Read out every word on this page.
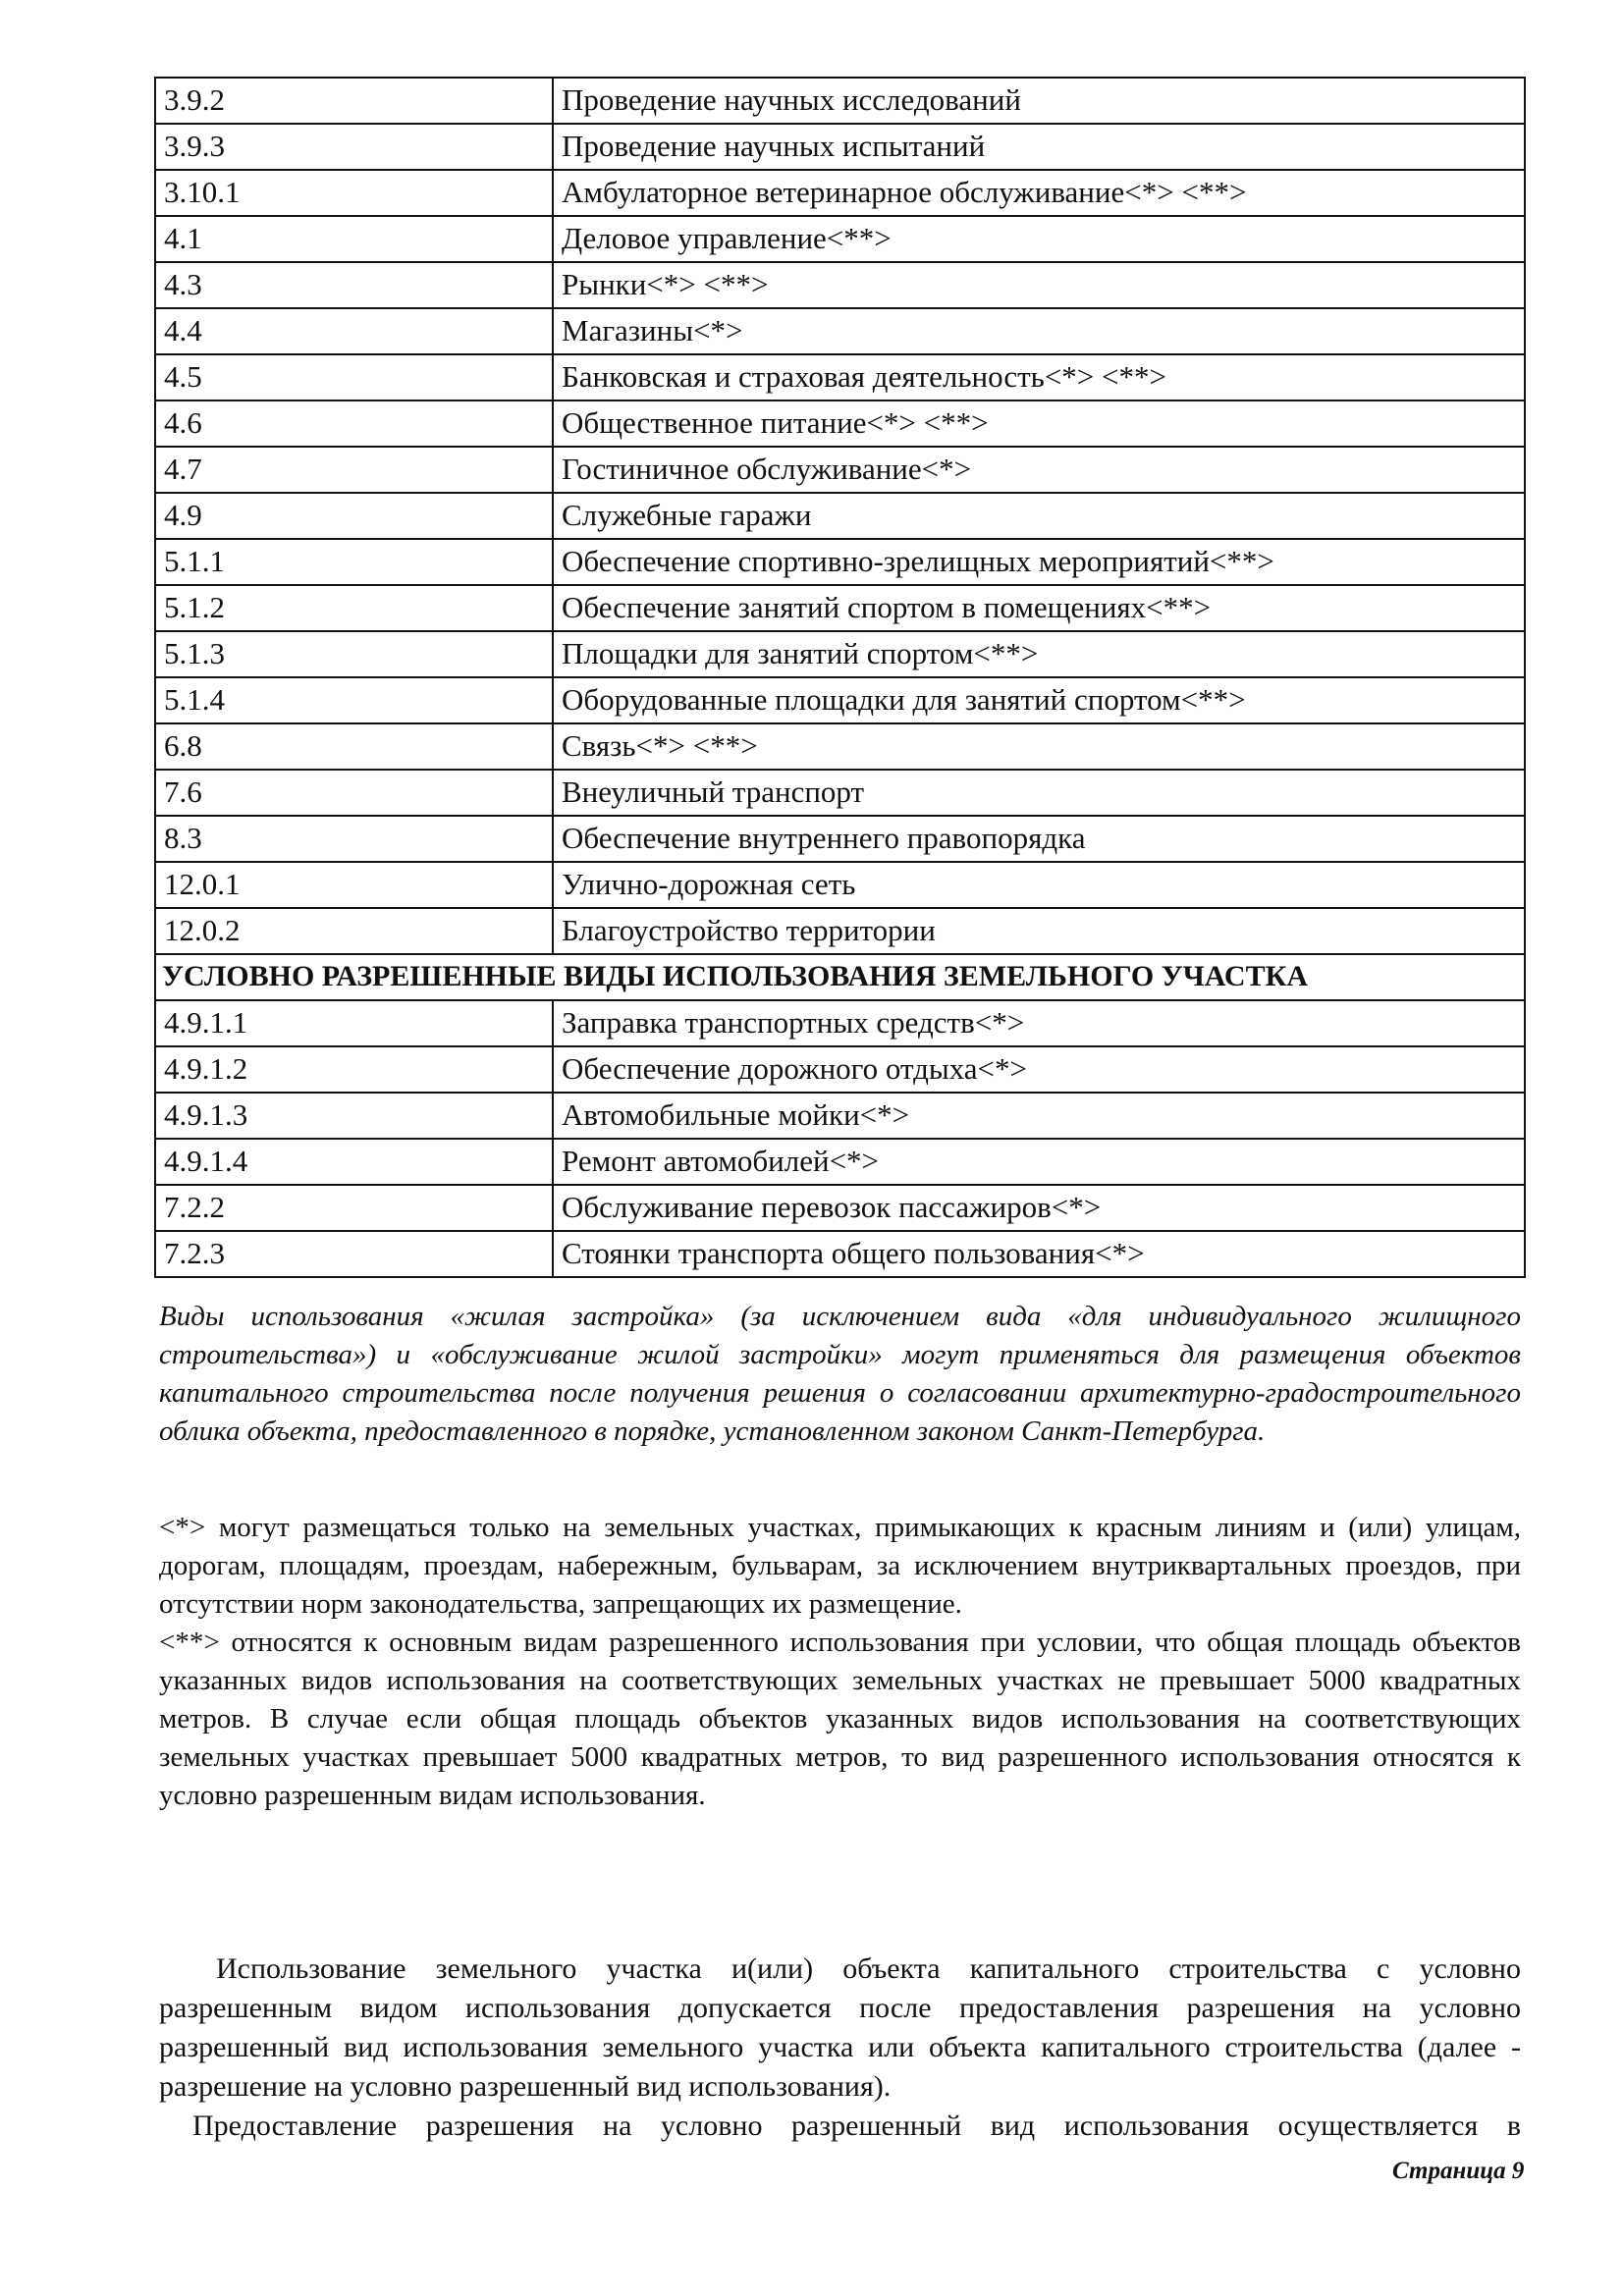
3.9.2	Проведение научных исследований
3.9.3	Проведение научных испытаний
3.10.1	Амбулаторное ветеринарное обслуживание<*> <**>
4.1	Деловое управление<**>
4.3	Рынки<*> <**>
4.4	Магазины<*>
4.5	Банковская и страховая деятельность<*> <**>
4.6	Общественное питание<*> <**>
4.7	Гостиничное обслуживание<*>
4.9	Служебные гаражи
5.1.1	Обеспечение спортивно-зрелищных мероприятий<**>
5.1.2	Обеспечение занятий спортом в помещениях<**>
5.1.3	Площадки для занятий спортом<**>
5.1.4	Оборудованные площадки для занятий спортом<**>
6.8	Связь<*> <**>
7.6	Внеуличный транспорт
8.3	Обеспечение внутреннего правопорядка
12.0.1	Улично-дорожная сеть
12.0.2	Благоустройство территории
УСЛОВНО РАЗРЕШЕННЫЕ ВИДЫ ИСПОЛЬЗОВАНИЯ ЗЕМЕЛЬНОГО УЧАСТКА	
4.9.1.1	Заправка транспортных средств<*>
4.9.1.2	Обеспечение дорожного отдыха<*>
4.9.1.3	Автомобильные мойки<*>
4.9.1.4	Ремонт автомобилей<*>
7.2.2	Обслуживание перевозок пассажиров<*>
7.2.3	Стоянки транспорта общего пользования<*>
Виды использования «жилая застройка» (за исключением вида «для индивидуального жилищного строительства») и «обслуживание жилой застройки» могут применяться для размещения объектов капитального строительства после получения решения о согласовании архитектурно-градостроительного облика объекта, предоставленного в порядке, установленном законом Санкт-Петербурга.

<*> могут размещаться только на земельных участках, примыкающих к красным линиям и (или) улицам, дорогам, площадям, проездам, набережным, бульварам, за исключением внутриквартальных проездов, при отсутствии норм законодательства, запрещающих их размещение.

<**> относятся к основным видам разрешенного использования при условии, что общая площадь объектов указанных видов использования на соответствующих земельных участках не превышает 5000 квадратных метров. В случае если общая площадь объектов указанных видов использования на соответствующих земельных участках превышает 5000 квадратных метров, то вид разрешенного использования относятся к условно разрешенным видам использования.

Использование земельного участка и(или) объекта капитального строительства с условно разрешенным видом использования допускается после предоставления разрешения на условно разрешенный вид использования земельного участка или объекта капитального строительства (далее - разрешение на условно разрешенный вид использования).

Предоставление разрешения на условно разрешенный вид использования осуществляется в

Страница 9
